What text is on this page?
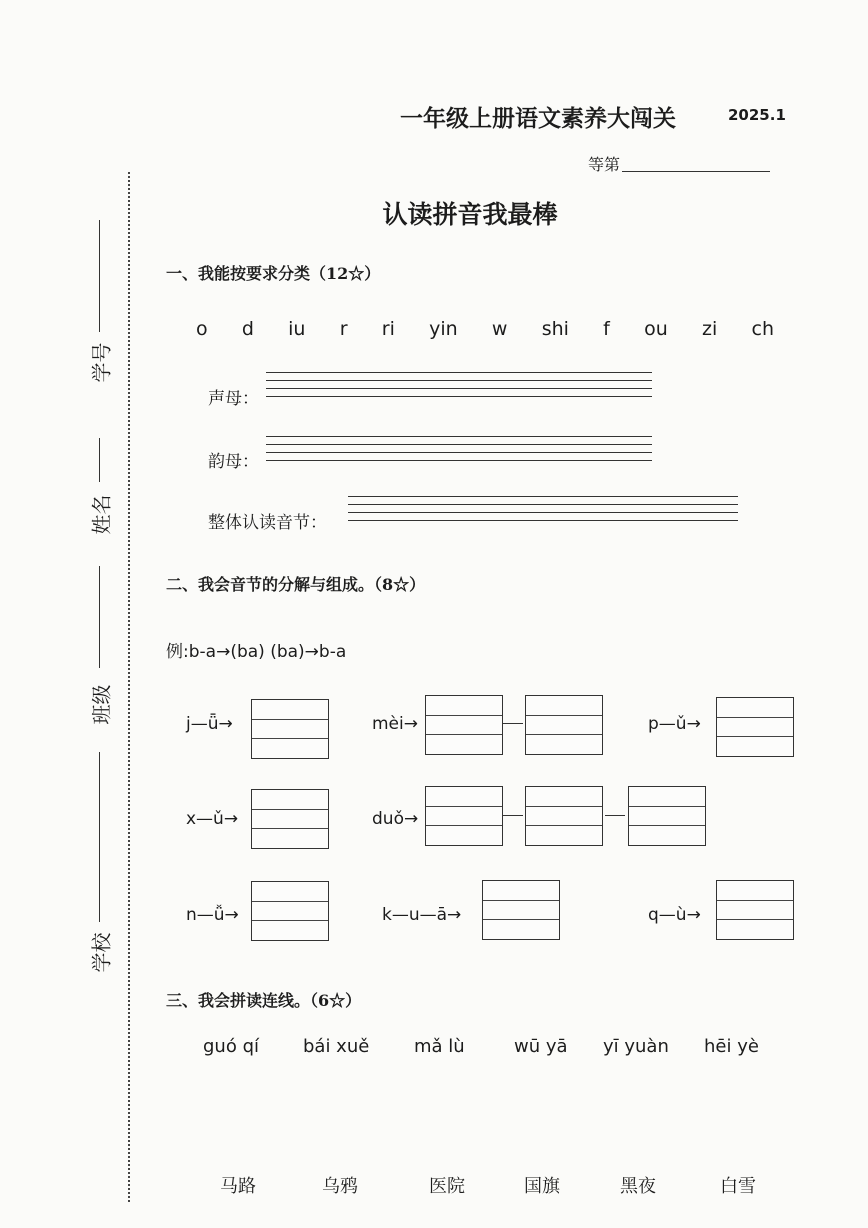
学号
姓名
班级
学校
一年级上册语文素养大闯关	2025.1
等第
认读拼音我最棒
一、我能按要求分类（12☆）
o	d	iu	r	ri	yin	w	shi	f	ou	zi	ch
声母：
韵母：
整体认读音节：
二、我会音节的分解与组成。（8☆）
例:b-a→(ba) (ba)→b-a
j—ǖ→	mèi→	p—ǔ→
x—ǔ→	duǒ→
n—ǚ→	k—u—ā→	q—ù→
三、我会拼读连线。（6☆）
guó qí bái xuě mǎ lù	wū yā yī yuàn hēi yè
马路	乌鸦	医院	国旗	黑夜	白雪
